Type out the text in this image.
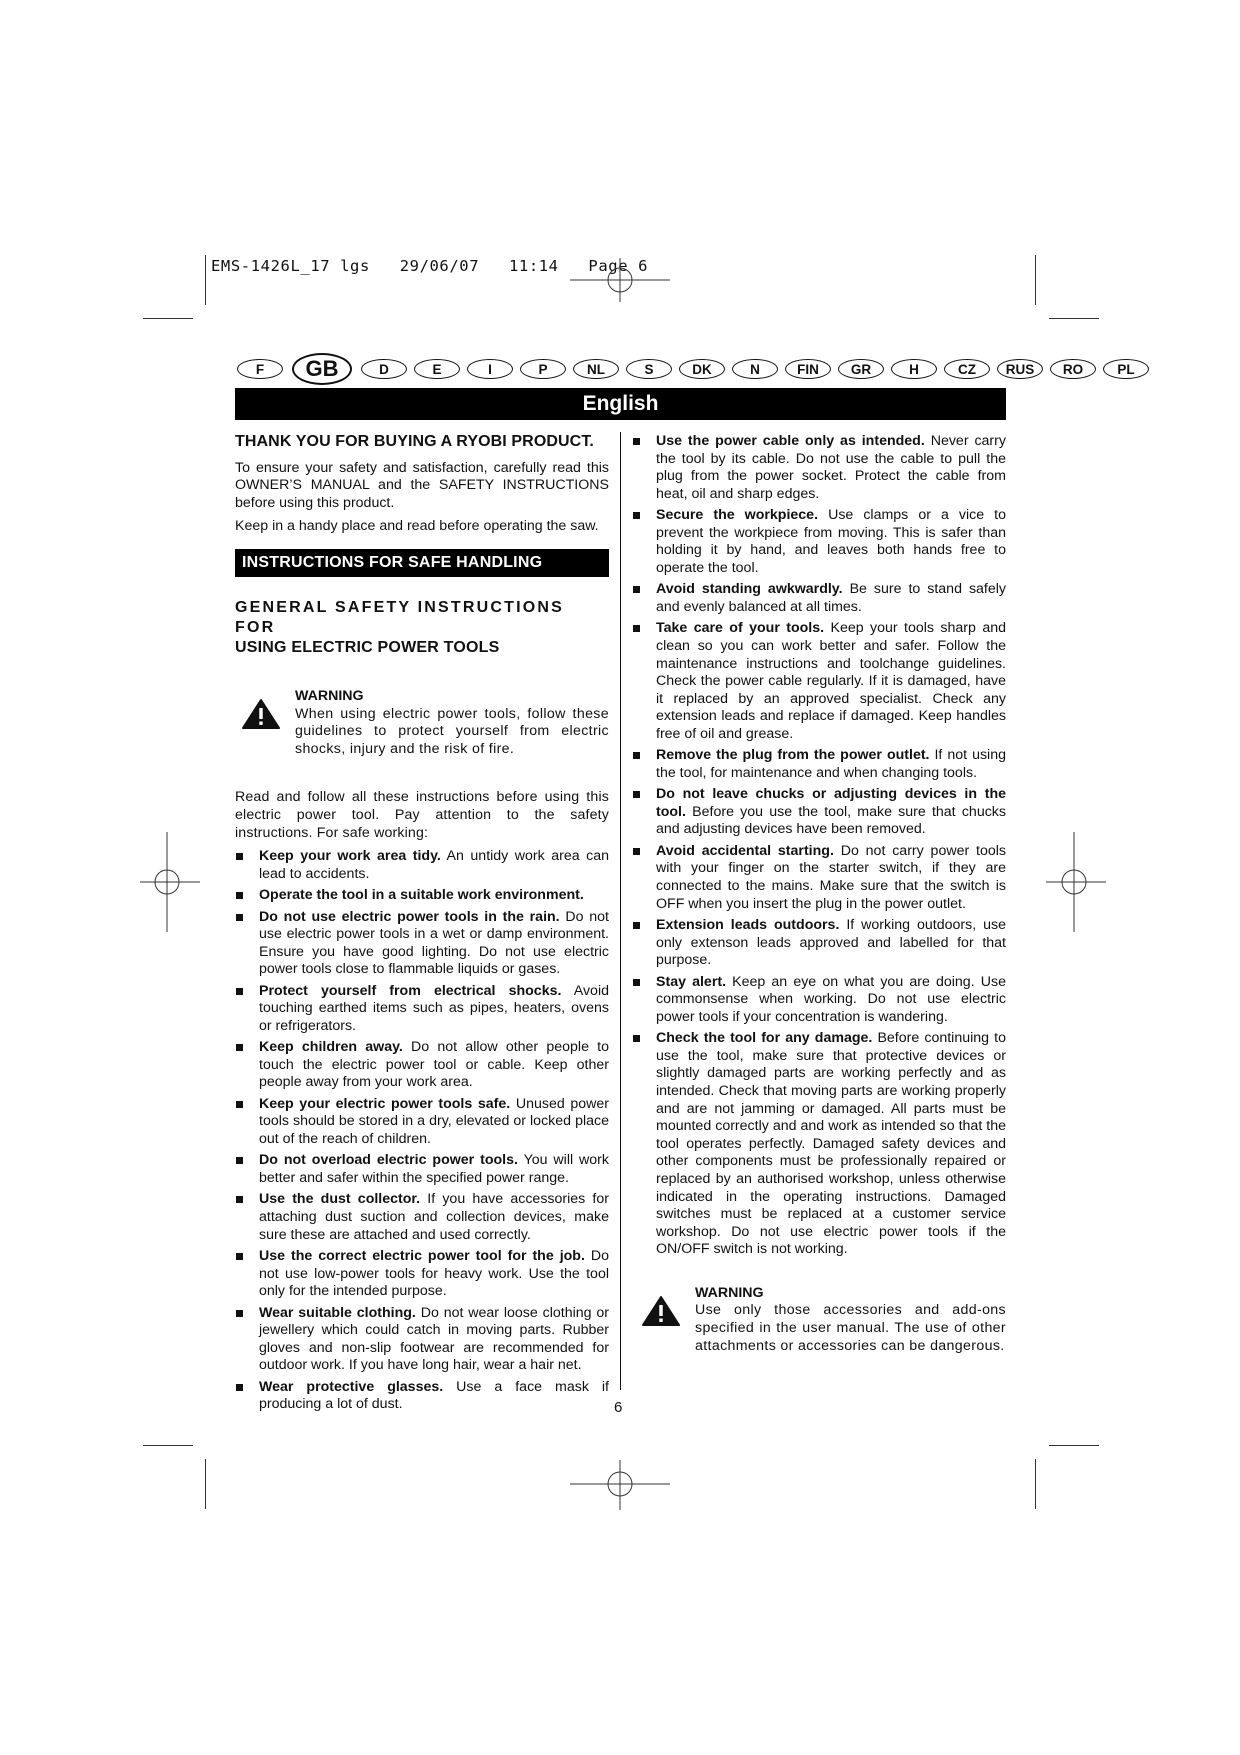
EMS-1426L_17 lgs   29/06/07   11:14   Page 6
F	GB	D	E	I	P	NL	S	DK	N	FIN	GR	H	CZ	RUS	RO	PL
English
THANK YOU FOR BUYING A RYOBI PRODUCT.

To ensure your safety and satisfaction, carefully read this OWNER’S MANUAL and the SAFETY INSTRUCTIONS before using this product.

Keep in a handy place and read before operating the saw.

INSTRUCTIONS FOR SAFE HANDLING
GENERAL SAFETY INSTRUCTIONS FOR
USING ELECTRIC POWER TOOLS
WARNING
When using electric power tools, follow these guidelines to protect yourself from electric shocks, injury and the risk of fire.

Read and follow all these instructions before using this electric power tool. Pay attention to the safety instructions. For safe working:

Keep your work area tidy. An untidy work area can lead to accidents.
Operate the tool in a suitable work environment.
Do not use electric power tools in the rain. Do not use electric power tools in a wet or damp environment. Ensure you have good lighting. Do not use electric power tools close to flammable liquids or gases.
Protect yourself from electrical shocks. Avoid touching earthed items such as pipes, heaters, ovens or refrigerators.
Keep children away. Do not allow other people to touch the electric power tool or cable. Keep other people away from your work area.
Keep your electric power tools safe. Unused power tools should be stored in a dry, elevated or locked place out of the reach of children.
Do not overload electric power tools. You will work better and safer within the specified power range.
Use the dust collector. If you have accessories for attaching dust suction and collection devices, make sure these are attached and used correctly.
Use the correct electric power tool for the job. Do not use low-power tools for heavy work. Use the tool only for the intended purpose.
Wear suitable clothing. Do not wear loose clothing or jewellery which could catch in moving parts. Rubber gloves and non-slip footwear are recommended for outdoor work. If you have long hair, wear a hair net.
Wear protective glasses. Use a face mask if producing a lot of dust.
Use the power cable only as intended. Never carry the tool by its cable. Do not use the cable to pull the plug from the power socket. Protect the cable from heat, oil and sharp edges.
Secure the workpiece. Use clamps or a vice to prevent the workpiece from moving. This is safer than holding it by hand, and leaves both hands free to operate the tool.
Avoid standing awkwardly. Be sure to stand safely and evenly balanced at all times.
Take care of your tools. Keep your tools sharp and clean so you can work better and safer. Follow the maintenance instructions and toolchange guidelines. Check the power cable regularly. If it is damaged, have it replaced by an approved specialist. Check any extension leads and replace if damaged. Keep handles free of oil and grease.
Remove the plug from the power outlet. If not using the tool, for maintenance and when changing tools.
Do not leave chucks or adjusting devices in the tool. Before you use the tool, make sure that chucks and adjusting devices have been removed.
Avoid accidental starting. Do not carry power tools with your finger on the starter switch, if they are connected to the mains. Make sure that the switch is OFF when you insert the plug in the power outlet.
Extension leads outdoors. If working outdoors, use only extenson leads approved and labelled for that purpose.
Stay alert. Keep an eye on what you are doing. Use commonsense when working. Do not use electric power tools if your concentration is wandering.
Check the tool for any damage. Before continuing to use the tool, make sure that protective devices or slightly damaged parts are working perfectly and as intended. Check that moving parts are working properly and are not jamming or damaged. All parts must be mounted correctly and and work as intended so that the tool operates perfectly. Damaged safety devices and other components must be professionally repaired or replaced by an authorised workshop, unless otherwise indicated in the operating instructions. Damaged switches must be replaced at a customer service workshop. Do not use electric power tools if the ON/OFF switch is not working.
WARNING
Use only those accessories and add-ons specified in the user manual. The use of other attachments or accessories can be dangerous.
6
